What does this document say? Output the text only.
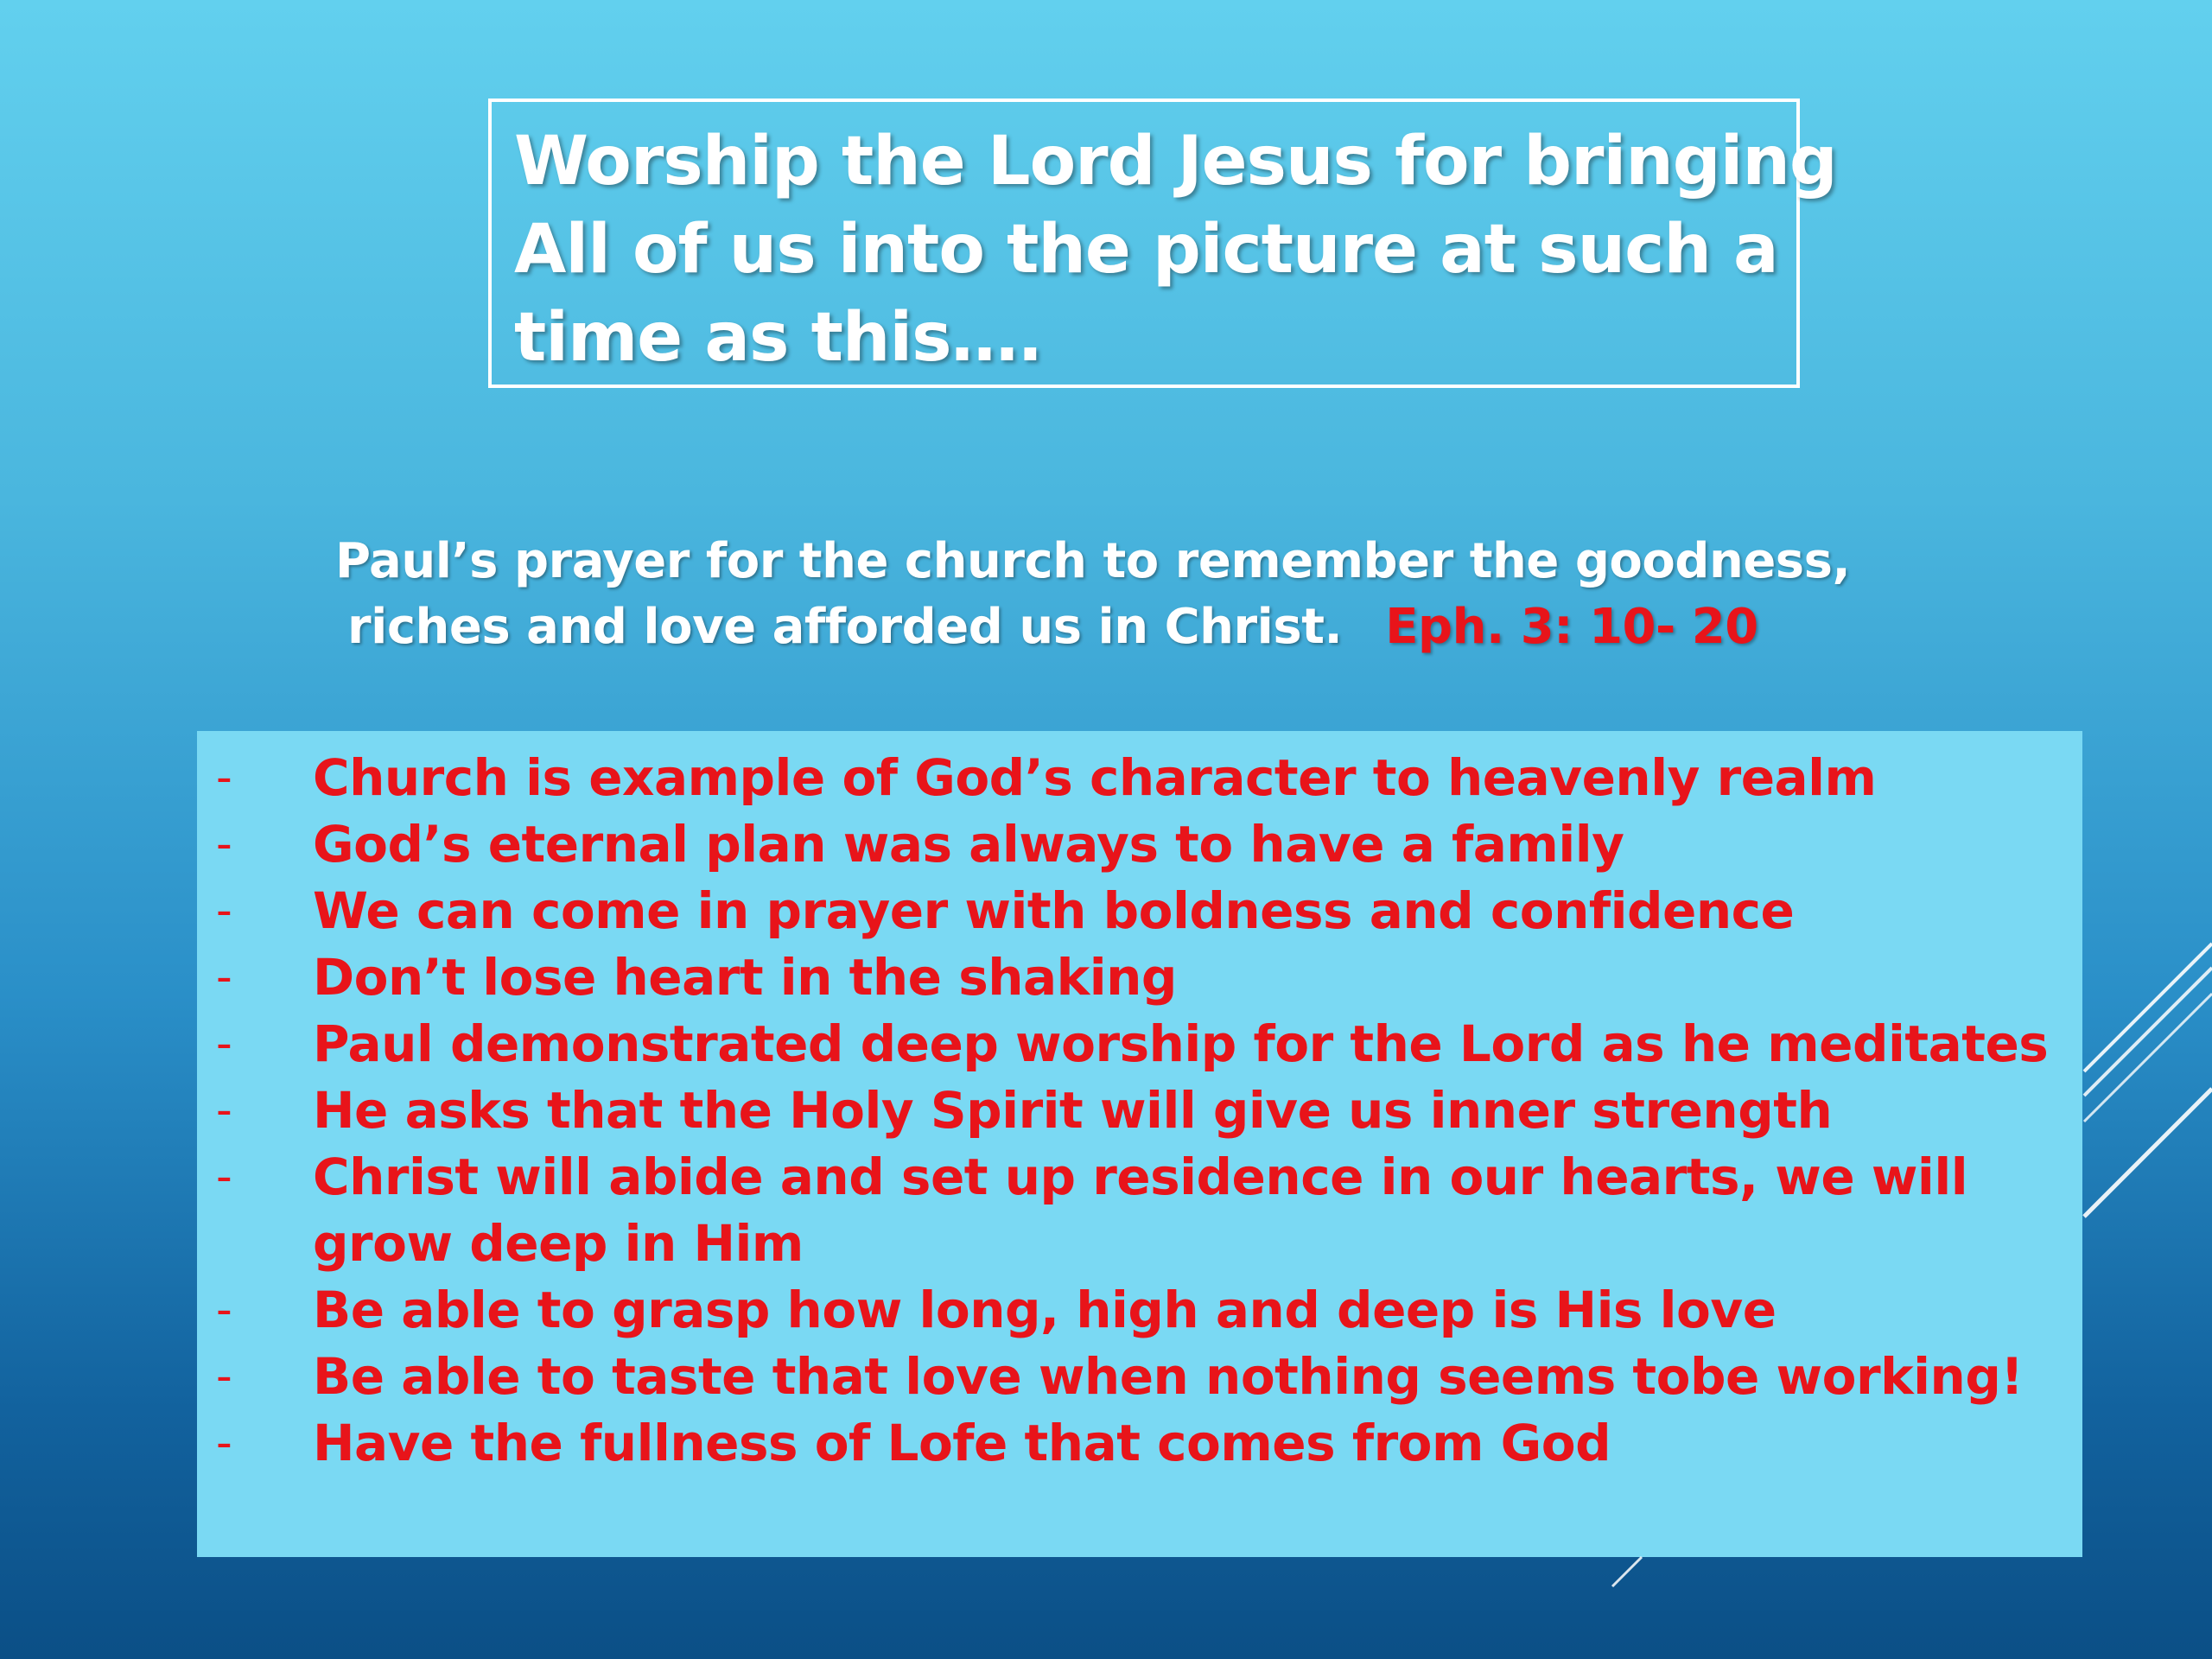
Worship the Lord Jesus for bringing
All of us into the picture at such a
time as this….
Paul’s prayer for the church to remember the goodness,
riches and love afforded us in Christ. Eph. 3: 10- 20
-	Church is example of God’s character to heavenly realm
-	God’s eternal plan was always to have a family
-	We can come in prayer with boldness and confidence
-	Don’t lose heart in the shaking
-	Paul demonstrated deep worship for the Lord as he meditates
-	He asks that the Holy Spirit will give us inner strength
-	Christ will abide and set up residence in our hearts, we will grow deep in Him
-	Be able to grasp how long, high and deep is His love
-	Be able to taste that love when nothing seems tobe working!
-	Have the fullness of Lofe that comes from God
